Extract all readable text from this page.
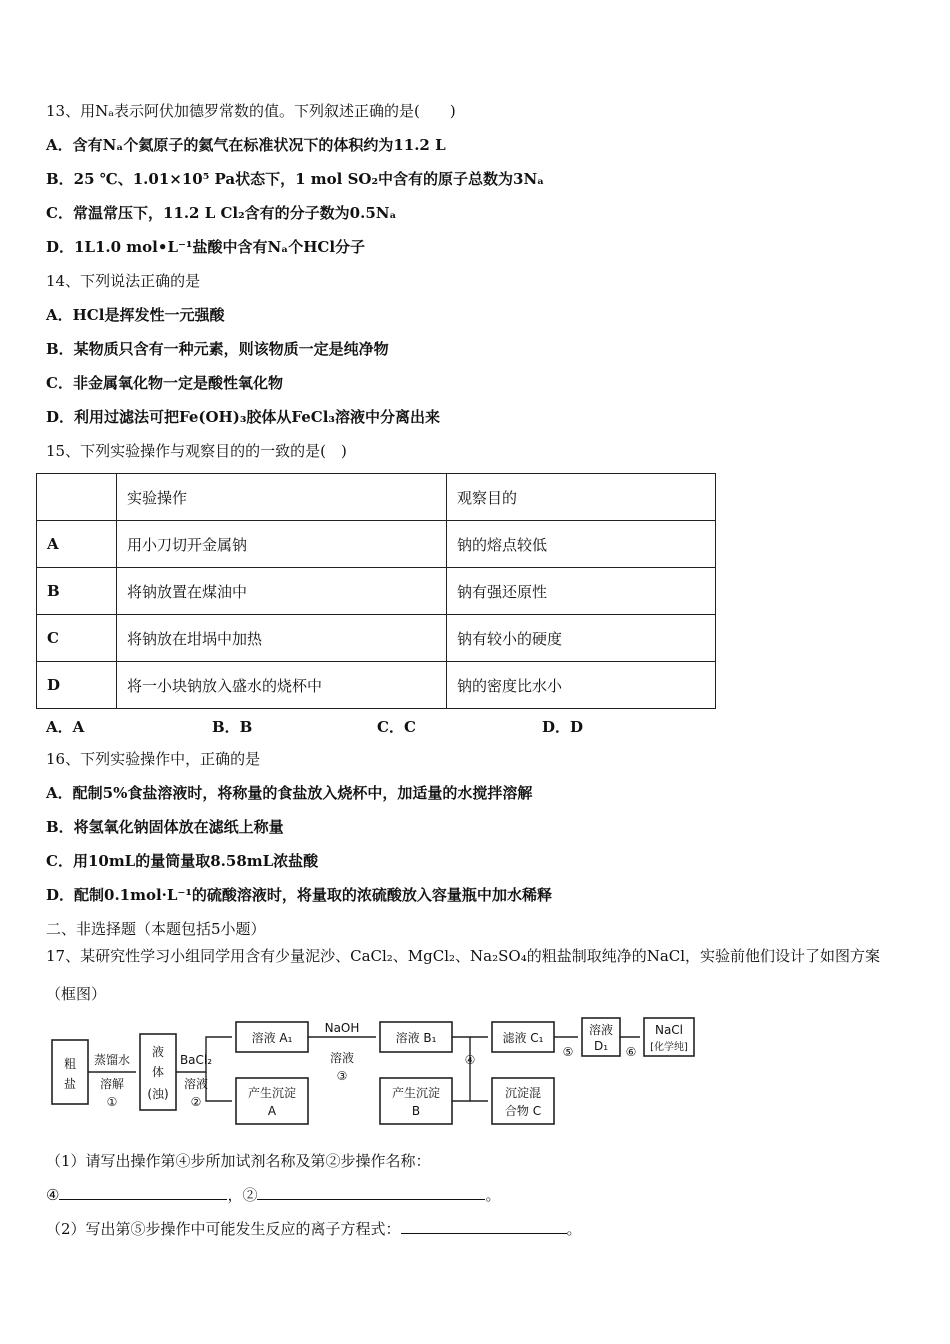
13、用Nₐ表示阿伏加德罗常数的值。下列叙述正确的是(　　)
A．含有Nₐ个氦原子的氦气在标准状况下的体积约为11.2 L
B．25 ℃、1.01×10⁵ Pa状态下，1 mol SO₂中含有的原子总数为3Nₐ
C．常温常压下，11.2 L Cl₂含有的分子数为0.5Nₐ
D．1L1.0 mol•L⁻¹盐酸中含有Nₐ个HCl分子
14、下列说法正确的是
A．HCl是挥发性一元强酸
B．某物质只含有一种元素，则该物质一定是纯净物
C．非金属氧化物一定是酸性氧化物
D．利用过滤法可把Fe(OH)₃胶体从FeCl₃溶液中分离出来
15、下列实验操作与观察目的的一致的是(　)
	实验操作	观察目的
A	用小刀切开金属钠	钠的熔点较低
B	将钠放置在煤油中	钠有强还原性
C	将钠放在坩埚中加热	钠有较小的硬度
D	将一小块钠放入盛水的烧杯中	钠的密度比水小
A．A	B．B	C．C	D．D
16、下列实验操作中，正确的是
A．配制5%食盐溶液时，将称量的食盐放入烧杯中，加适量的水搅拌溶解
B．将氢氧化钠固体放在滤纸上称量
C．用10mL的量筒量取8.58mL浓盐酸
D．配制0.1mol·L⁻¹的硫酸溶液时，将量取的浓硫酸放入容量瓶中加水稀释
二、非选择题（本题包括5小题）
17、某研究性学习小组同学用含有少量泥沙、CaCl₂、MgCl₂、Na₂SO₄的粗盐制取纯净的NaCl，实验前他们设计了如图方案
（框图）
粗
盐
液
体
(浊)
溶液 A₁
产生沉淀
A
溶液 B₁
产生沉淀
B
滤液 C₁
沉淀混
合物 C
溶液
D₁
NaCl
[化学纯]
蒸馏水
溶解
①
BaCl₂
溶液
②
NaOH
溶液
③
④
⑤	⑥
（1）请写出操作第④步所加试剂名称及第②步操作名称：
④	，②	。
（2）写出第⑤步操作中可能发生反应的离子方程式：	。
